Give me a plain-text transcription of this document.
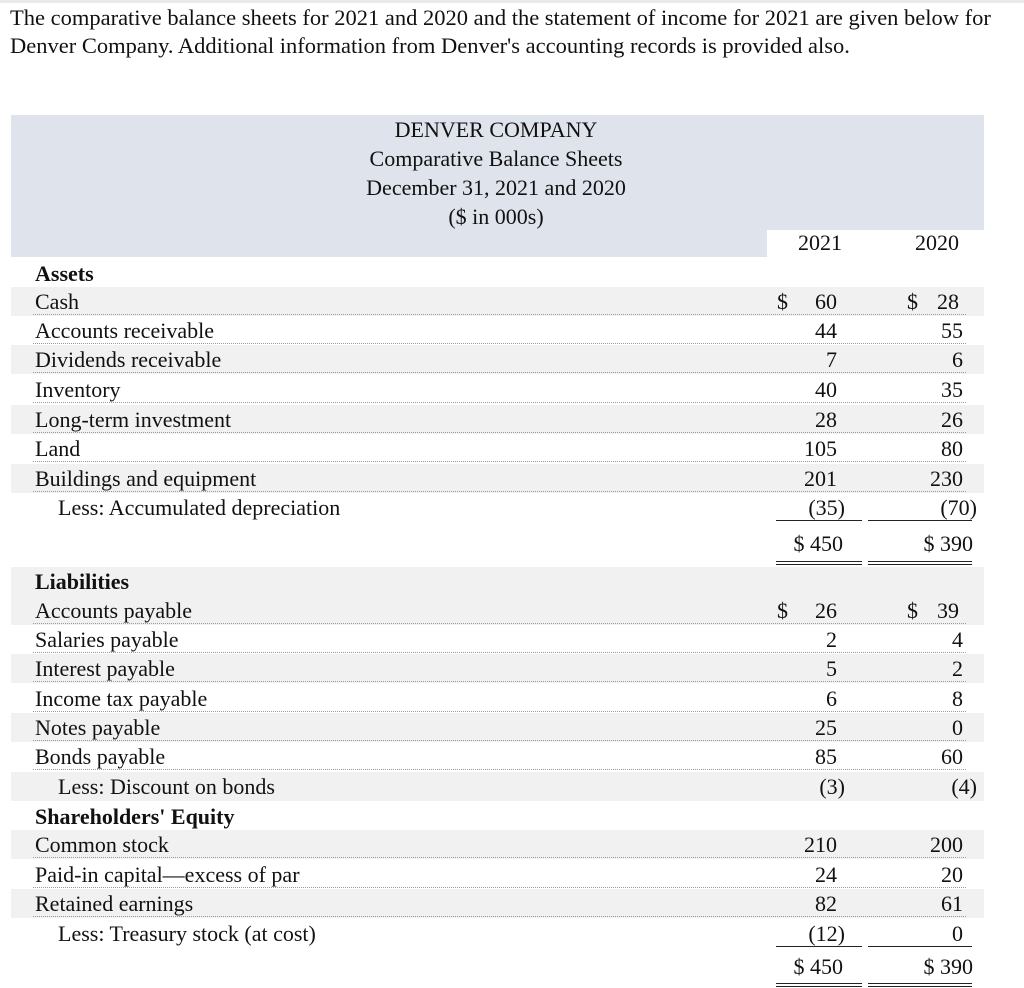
The comparative balance sheets for 2021 and 2020 and the statement of income for 2021 are given below for Denver Company. Additional information from Denver's accounting records is provided also.

DENVER COMPANY
Comparative Balance Sheets
December 31, 2021 and 2020
($ in 000s)
2021	2020
Assets
Cash	$	60	$ 28
Accounts receivable	44	55
Dividends receivable	7	6
Inventory	40	35
Long-term investment	28	26
Land	105	80
Buildings and equipment	201	230
Less: Accumulated depreciation	(35)	(70)
$ 450	$ 390
Liabilities
Accounts payable	$	26	$ 39
Salaries payable	2	4
Interest payable	5	2
Income tax payable	6	8
Notes payable	25	0
Bonds payable	85	60
Less: Discount on bonds	(3)	(4)
Shareholders' Equity
Common stock	210	200
Paid-in capital—excess of par	24	20
Retained earnings	82	61
Less: Treasury stock (at cost)	(12)	0
$ 450	$ 390
